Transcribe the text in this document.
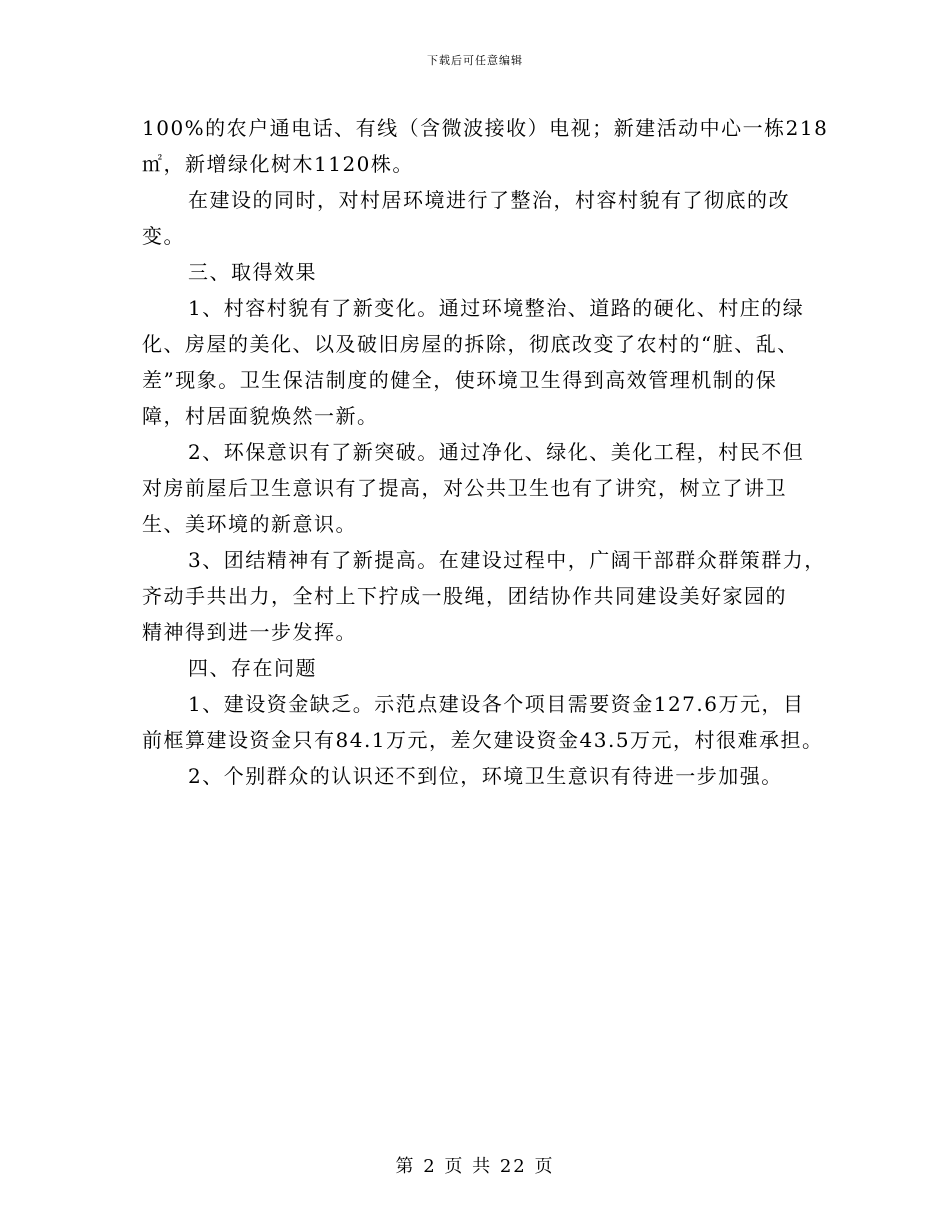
下载后可任意编辑
100%的农户通电话、有线（含微波接收）电视；新建活动中心一栋218
㎡，新增绿化树木1120株。
在建设的同时，对村居环境进行了整治，村容村貌有了彻底的改
变。
三、取得效果
1、村容村貌有了新变化。通过环境整治、道路的硬化、村庄的绿
化、房屋的美化、以及破旧房屋的拆除，彻底改变了农村的“脏、乱、
差”现象。卫生保洁制度的健全，使环境卫生得到高效管理机制的保
障，村居面貌焕然一新。
2、环保意识有了新突破。通过净化、绿化、美化工程，村民不但
对房前屋后卫生意识有了提高，对公共卫生也有了讲究，树立了讲卫
生、美环境的新意识。
3、团结精神有了新提高。在建设过程中，广阔干部群众群策群力，
齐动手共出力，全村上下拧成一股绳，团结协作共同建设美好家园的
精神得到进一步发挥。
四、存在问题
1、建设资金缺乏。示范点建设各个项目需要资金127.6万元，目
前框算建设资金只有84.1万元，差欠建设资金43.5万元，村很难承担。
2、个别群众的认识还不到位，环境卫生意识有待进一步加强。
第 2 页 共 22 页
